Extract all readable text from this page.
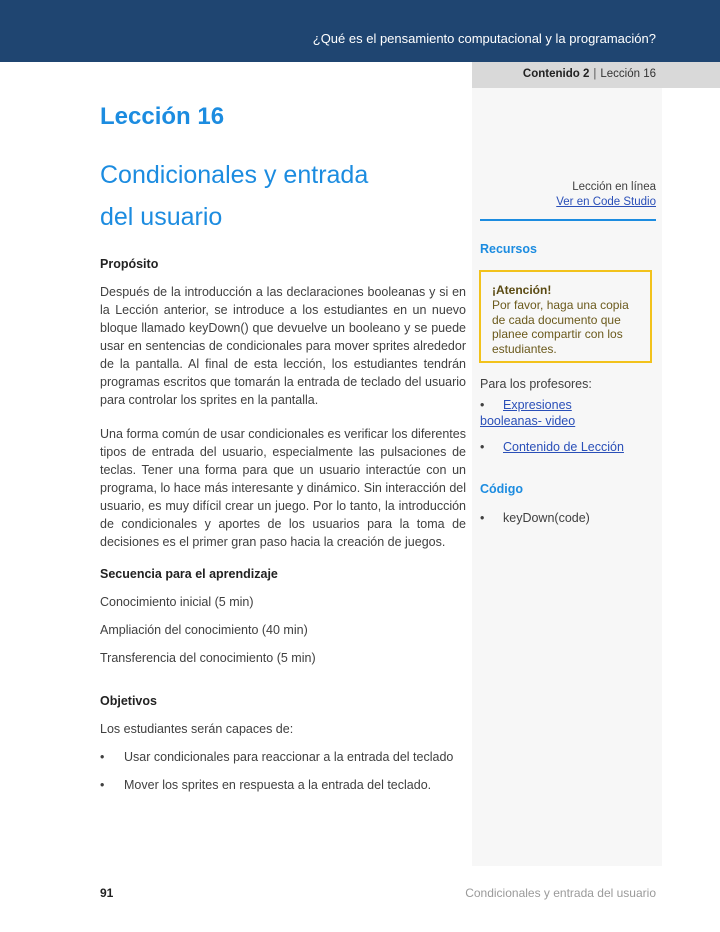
¿Qué es el pensamiento computacional y la programación?
Contenido 2 | Lección 16
Lección 16
Condicionales y entrada
del usuario
Propósito
Después de la introducción a las declaraciones booleanas y si en la Lección anterior, se introduce a los estudiantes en un nuevo bloque llamado keyDown() que devuelve un booleano y se puede usar en sentencias de condicionales para mover sprites alrededor de la pantalla. Al final de esta lección, los estudiantes tendrán programas escritos que tomarán la entrada de teclado del usuario para controlar los sprites en la pantalla.
Una forma común de usar condicionales es verificar los diferentes tipos de entrada del usuario, especialmente las pulsaciones de teclas. Tener una forma para que un usuario interactúe con un programa, lo hace más interesante y dinámico. Sin interacción del usuario, es muy difícil crear un juego. Por lo tanto, la introducción de condicionales y aportes de los usuarios para la toma de decisiones es el primer gran paso hacia la creación de juegos.
Secuencia para el aprendizaje
Conocimiento inicial (5 min)
Ampliación del conocimiento (40 min)
Transferencia del conocimiento (5 min)
Objetivos
Los estudiantes serán capaces de:
• Usar condicionales para reaccionar a la entrada del teclado
• Mover los sprites en respuesta a la entrada del teclado.
Lección en línea
Ver en Code Studio
Recursos
¡Atención!
Por favor, haga una copia de cada documento que planee compartir con los estudiantes.
Para los profesores:
• Expresiones
booleanas- video
• Contenido de Lección
Código
• keyDown(code)
91	Condicionales y entrada del usuario
